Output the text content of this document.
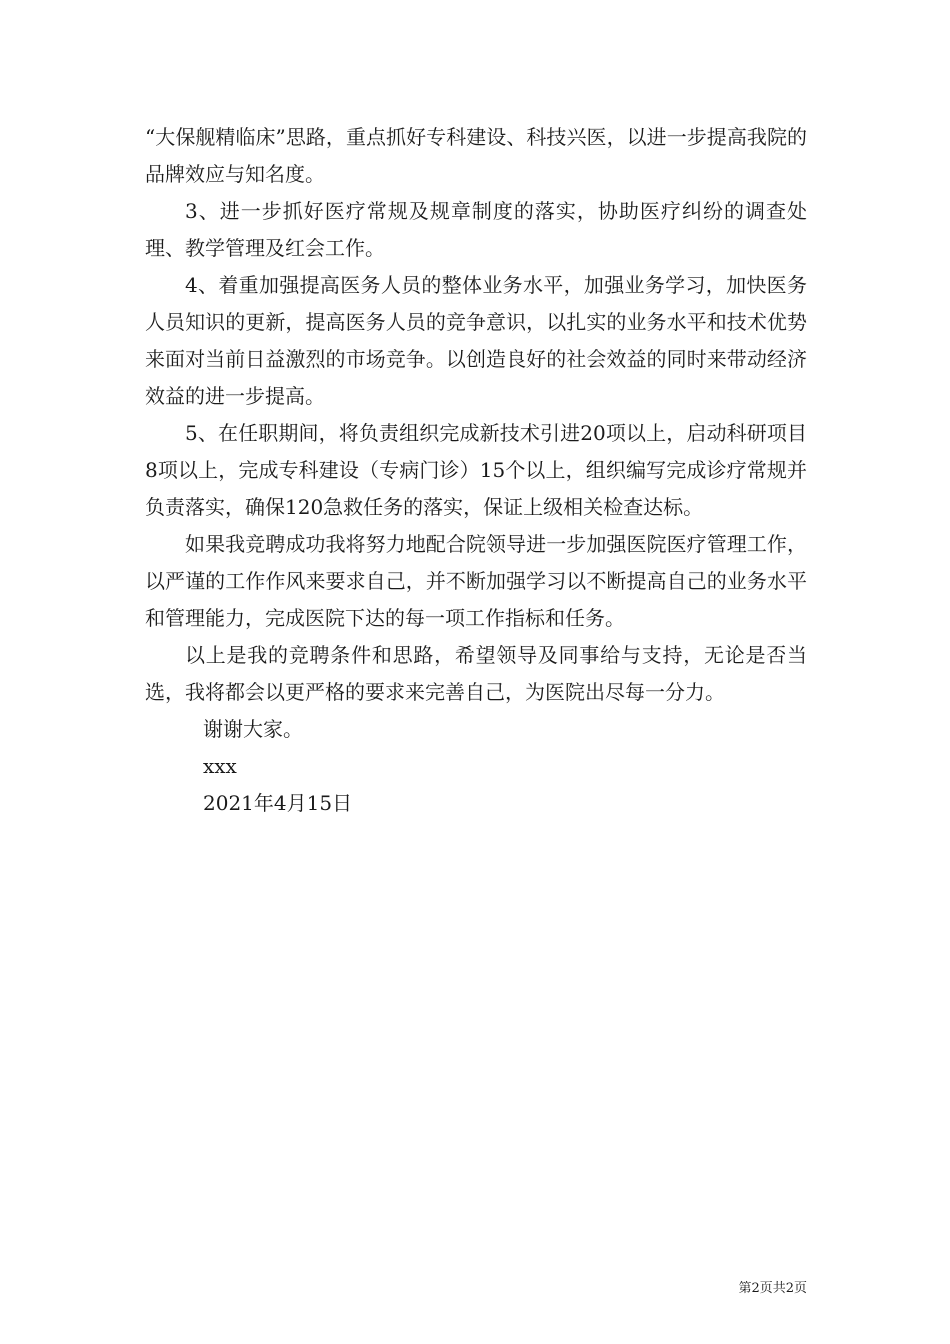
“大保舰精临床”思路，重点抓好专科建设、科技兴医，以进一步提高我院的品牌效应与知名度。

3、进一步抓好医疗常规及规章制度的落实，协助医疗纠纷的调查处理、教学管理及红会工作。

4、着重加强提高医务人员的整体业务水平，加强业务学习，加快医务人员知识的更新，提高医务人员的竞争意识，以扎实的业务水平和技术优势来面对当前日益激烈的市场竞争。以创造良好的社会效益的同时来带动经济效益的进一步提高。

5、在任职期间，将负责组织完成新技术引进20项以上，启动科研项目8项以上，完成专科建设（专病门诊）15个以上，组织编写完成诊疗常规并负责落实，确保120急救任务的落实，保证上级相关检查达标。

如果我竞聘成功我将努力地配合院领导进一步加强医院医疗管理工作，以严谨的工作作风来要求自己，并不断加强学习以不断提高自己的业务水平和管理能力，完成医院下达的每一项工作指标和任务。

以上是我的竞聘条件和思路，希望领导及同事给与支持，无论是否当选，我将都会以更严格的要求来完善自己，为医院出尽每一分力。

谢谢大家。

xxx

2021年4月15日

第2页共2页
